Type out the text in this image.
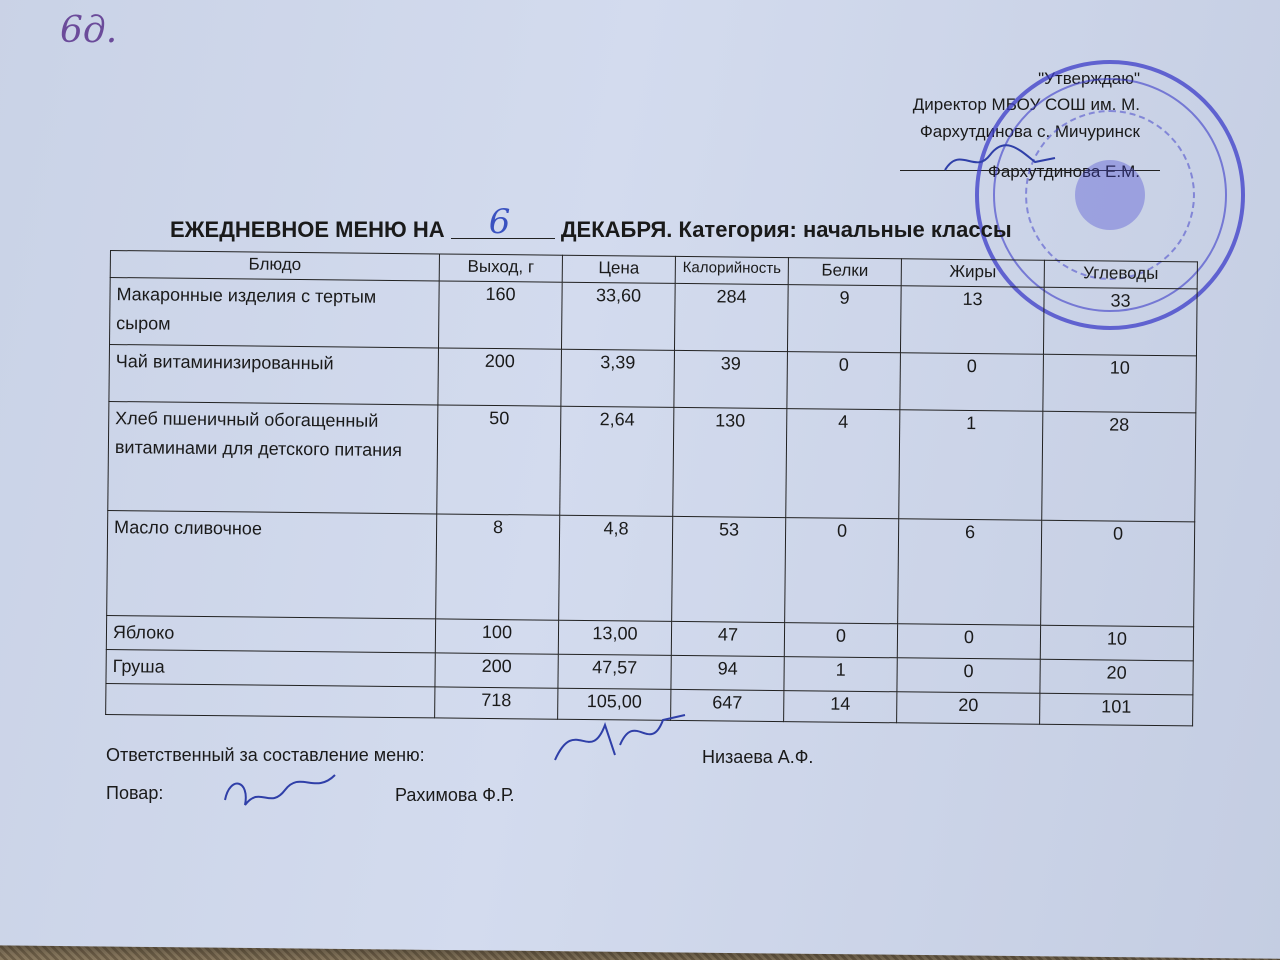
6д.
"Утверждаю"
Директор МБОУ СОШ им. М.
Фархутдинова с. Мичуринск
Фархутдинова Е.М.
ЕЖЕДНЕВНОЕ МЕНЮ НА 6 ДЕКАБРЯ. Категория: начальные классы
Блюдо	Выход, г	Цена	Калорийность	Белки	Жиры	Углеводы
Макаронные изделия с тертым сыром	160	33,60	284	9	13	33
Чай витаминизированный	200	3,39	39	0	0	10
Хлеб пшеничный обогащенный витаминами для детского питания	50	2,64	130	4	1	28
Масло сливочное	8	4,8	53	0	6	0
Яблоко	100	13,00	47	0	0	10
Груша	200	47,57	94	1	0	20
	718	105,00	647	14	20	101
Ответственный за составление меню:	Низаева А.Ф.
Повар:	Рахимова Ф.Р.
